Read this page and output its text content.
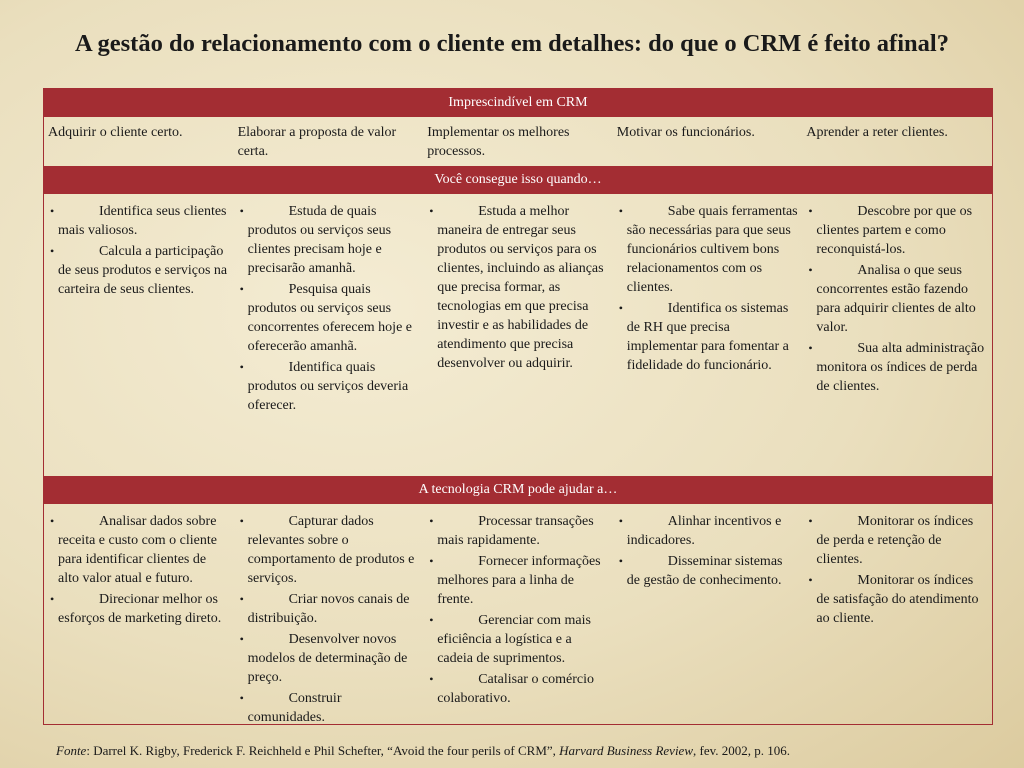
A gestão do relacionamento com o cliente em detalhes: do que o CRM é feito afinal?
Imprescindível em CRM
Adquirir o cliente certo.	Elaborar a proposta de valor certa.
Implementar os melhores processos.
Motivar os funcionários.	Aprender a reter clientes.
Você consegue isso quando…
• Identifica seus clientes mais valiosos.
• Calcula a participação de seus produtos e serviços na carteira de seus clientes.
• Estuda de quais produtos ou serviços seus clientes precisam hoje e precisarão amanhã.
• Pesquisa quais produtos ou serviços seus concorrentes oferecem hoje e oferecerão amanhã.
• Identifica quais produtos ou serviços deveria oferecer.
• Estuda a melhor maneira de entregar seus produtos ou serviços para os clientes, incluindo as alianças que precisa formar, as tecnologias em que precisa investir e as habilidades de atendimento que precisa desenvolver ou adquirir.
• Sabe quais ferramentas são necessárias para que seus funcionários cultivem bons relacionamentos com os clientes.
• Identifica os sistemas de RH que precisa implementar para fomentar a fidelidade do funcionário.
• Descobre por que os clientes partem e como reconquistá-los.
• Analisa o que seus concorrentes estão fazendo para adquirir clientes de alto valor.
• Sua alta administração monitora os índices de perda de clientes.
A tecnologia CRM pode ajudar a…
• Analisar dados sobre receita e custo com o cliente para identificar clientes de alto valor atual e futuro.
• Direcionar melhor os esforços de marketing direto.
• Capturar dados relevantes sobre o comportamento de produtos e serviços.
• Criar novos canais de distribuição.
• Desenvolver novos modelos de determinação de preço.
• Construir comunidades.
• Processar transações mais rapidamente.
• Fornecer informações melhores para a linha de frente.
• Gerenciar com mais eficiência a logística e a cadeia de suprimentos.
• Catalisar o comércio colaborativo.
• Alinhar incentivos e indicadores.
• Disseminar sistemas de gestão de conhecimento.
• Monitorar os índices de perda e retenção de clientes.
• Monitorar os índices de satisfação do atendimento ao cliente.
Fonte: Darrel K. Rigby, Frederick F. Reichheld e Phil Schefter, “Avoid the four perils of CRM”, Harvard Business Review, fev. 2002, p. 106.
